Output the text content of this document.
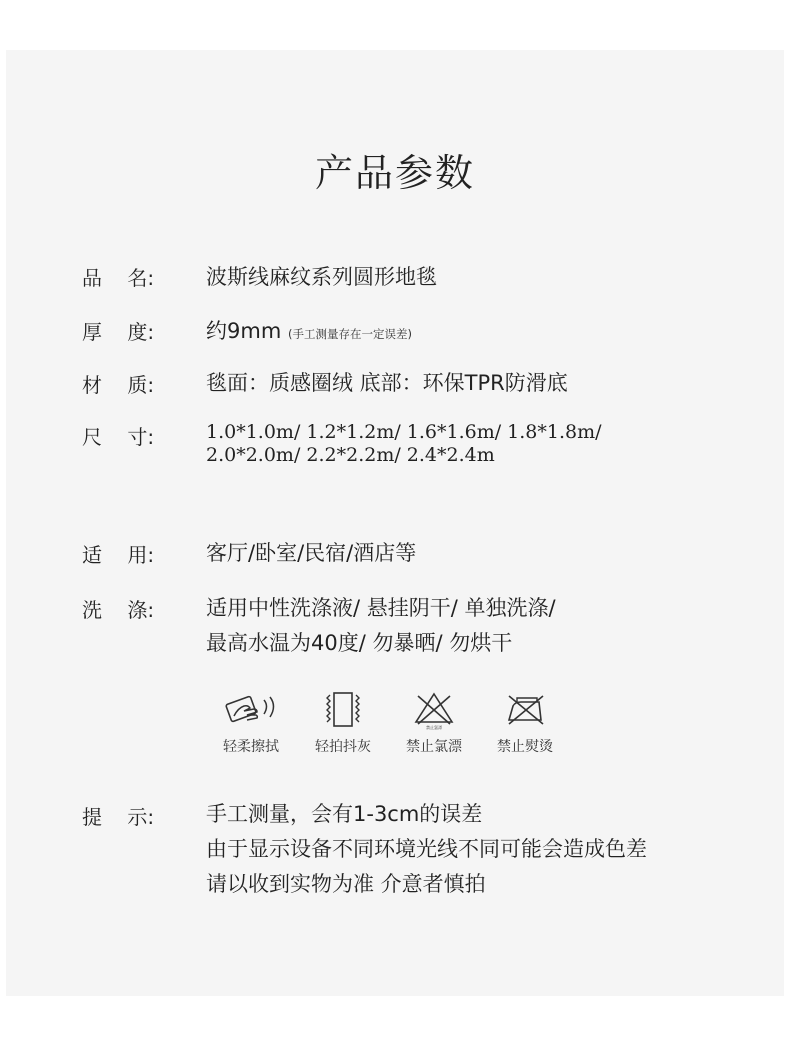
产品参数
品    名: 波斯线麻纹系列圆形地毯
厚    度: 约9mm (手工测量存在一定误差)
材    质: 毯面：质感圈绒 底部：环保TPR防滑底
尺    寸:	1.0*1.0m/ 1.2*1.2m/ 1.6*1.6m/ 1.8*1.8m/
2.0*2.0m/ 2.2*2.2m/ 2.4*2.4m
适    用: 客厅/卧室/民宿/酒店等
洗    涤: 适用中性洗涤液/ 悬挂阴干/ 单独洗涤/
最高水温为40度/ 勿暴晒/ 勿烘干
轻柔擦拭	轻拍抖灰
禁止氯漂
禁止氯漂	禁止熨烫
提    示: 手工测量，会有1-3cm的误差
由于显示设备不同环境光线不同可能会造成色差
请以收到实物为准 介意者慎拍
